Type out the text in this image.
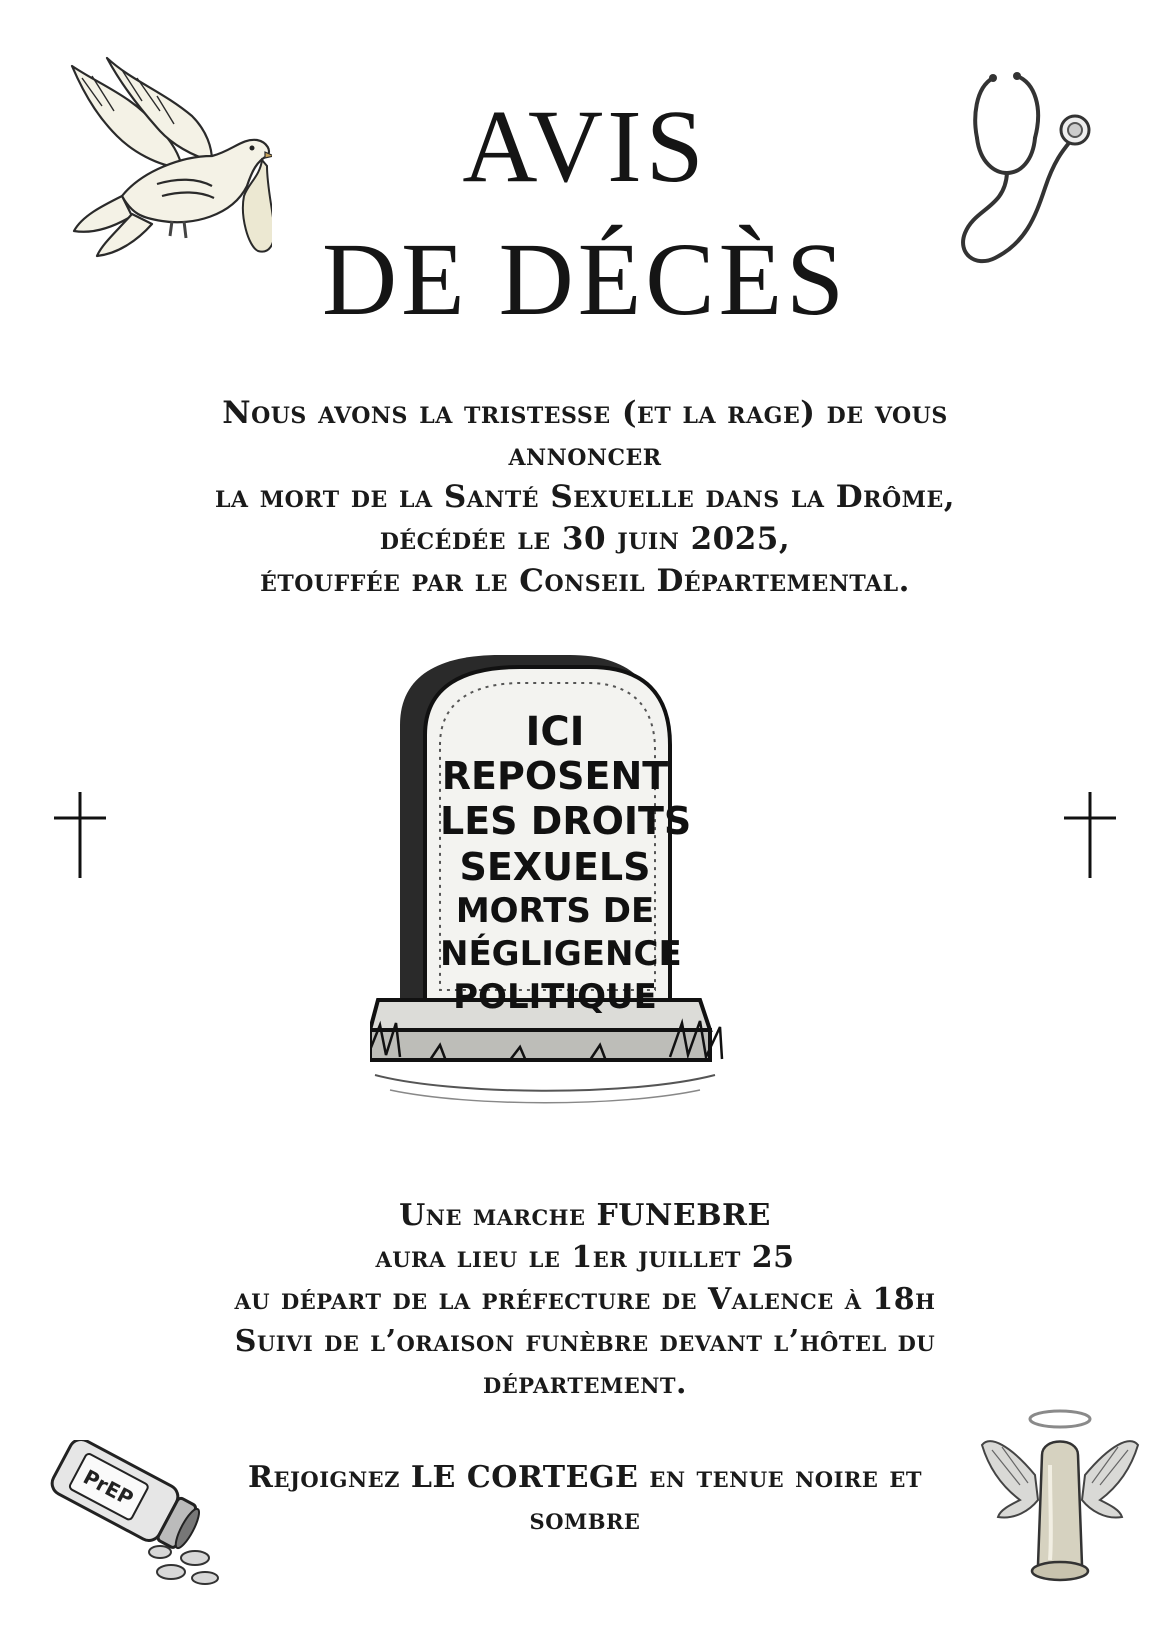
AVIS
DE DÉCÈS
Nous avons la tristesse (et la rage) de vous
annoncer
la mort de la Santé Sexuelle dans la Drôme,
décédée le 30 juin 2025,
étouffée par le Conseil Départemental.
ICI
REPOSENT
LES DROITS
SEXUELS
MORTS DE
NÉGLIGENCE
POLITIQUE
Une marche FUNEBRE
aura lieu le 1er juillet 25
au départ de la préfecture de Valence à 18h
Suivi de l’oraison funèbre devant l’hôtel du
département.
Rejoignez LE CORTEGE en tenue noire et
sombre
PrEP
